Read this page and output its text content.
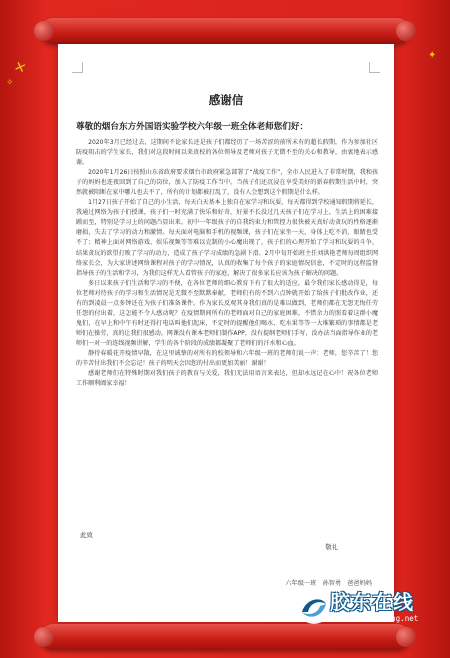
✕
✦
✧
感谢信
尊敬的烟台东方外国语实验学校六年级一班全体老师您们好：

2020年3月已经过去，这期间不论家长还是孩子们都经历了一场苦涩的前所未有的超长假期，作为参加社区防疫阻击的学生家长，我们对这段时间以来贵校的各位领导及老师对孩子无微不至的关心和教导，由衷地表示感谢。

2020年1月26日按照山东省政府要求烟台市政府紧急部署了“战疫工作”，全市人民进入了非常时期，我和孩子的妈妈也连夜回到了自己的岗位，加入了防疫工作当中。当孩子们还沉浸在享受美好的新春假期生活中时，突然就被阻断在家中哪儿也去不了，所有的计划都被打乱了，没有人会想到这个假期是什么样。

1月27日孩子开始了自己的小生活，每天白天基本上独自在家学习和玩耍，每天都得到学校通知假期将延长，我通过网络为孩子们授课，孩子们一时充满了快乐和好奇，好景不长没过几天孩子们在学习上、生活上的困难接踵而至，特别是学习上的问题凸显出来。初中一年级孩子的自我约束力和管控力很快被天真好动贪玩的性格逐渐磨损，失去了学习的动力和激情。每天面对电脑和手机的视频课，孩子们在家坐一天，身体上吃不消，眼睛也受不了；精神上面对网络游戏、娱乐视频等等难以克制的小心魔出现了，孩子们的心理开始了学习和玩耍的斗争，结果贪玩的欲望打败了学习的动力，造成了孩子学习成绩的急剧下滑。2月中旬开始班主任刘洪艳老师每周组织网络家长会，为大家讲述网络课程对孩子的学习情况，认真的收集了每个孩子的家庭情况信息，不定时的远程监督指导孩子的生活和学习，为我们这样无人看管孩子的家庭，解决了很多家长应该为孩子解决的问题。

多日以来孩子们生活和学习的不便，在各位老师的细心教育下有了很大的适应，最令我们家长感动得是，每位老师对待孩子的学习和生活情况是无微不至默默奉献，老师们有的不到六点钟就开始了给孩子们批改作业，还有的到凌晨一点多钟还在为孩子们准备课件。作为家长反观其身我们真的是难以做到，老师们都在无怨无悔任劳任怨的付出着，这怎能不令人感动呢？在疫情期间所有的老师面对自己的家庭困难，不惜余力的照看着这群小魔鬼们，在早上和中午有时还得打电话叫他们起床，不定时的提醒他们喝水、吃水果等等一大堆繁琐的事情都是老师们在操劳，真的让我们很感动。网课没有课本老师们制作APP，没有提纲老师们手写，没办法当面指导作业的老师们一对一的连线视频讲解，学生的各个阶段的成绩都凝聚了老师们的汗水和心血。

静待春暖花开疫情早散，在这里诚挚的对所有的校领导和六年级一班的老师们说一声：老师，您辛苦了！您的辛苦付出我们不会忘记！孩子的明天会因您的付出而更加美丽！谢谢！

感谢老师们在特殊时期对我们孩子的教育与关爱，我们无法用语言来表达，但却永远记在心中！祝各位老师工作顺利阖家幸福！

此致
敬礼
六年级一班　孙智勇　爸爸妈妈
胶东在线
www.JiaoDong.net
